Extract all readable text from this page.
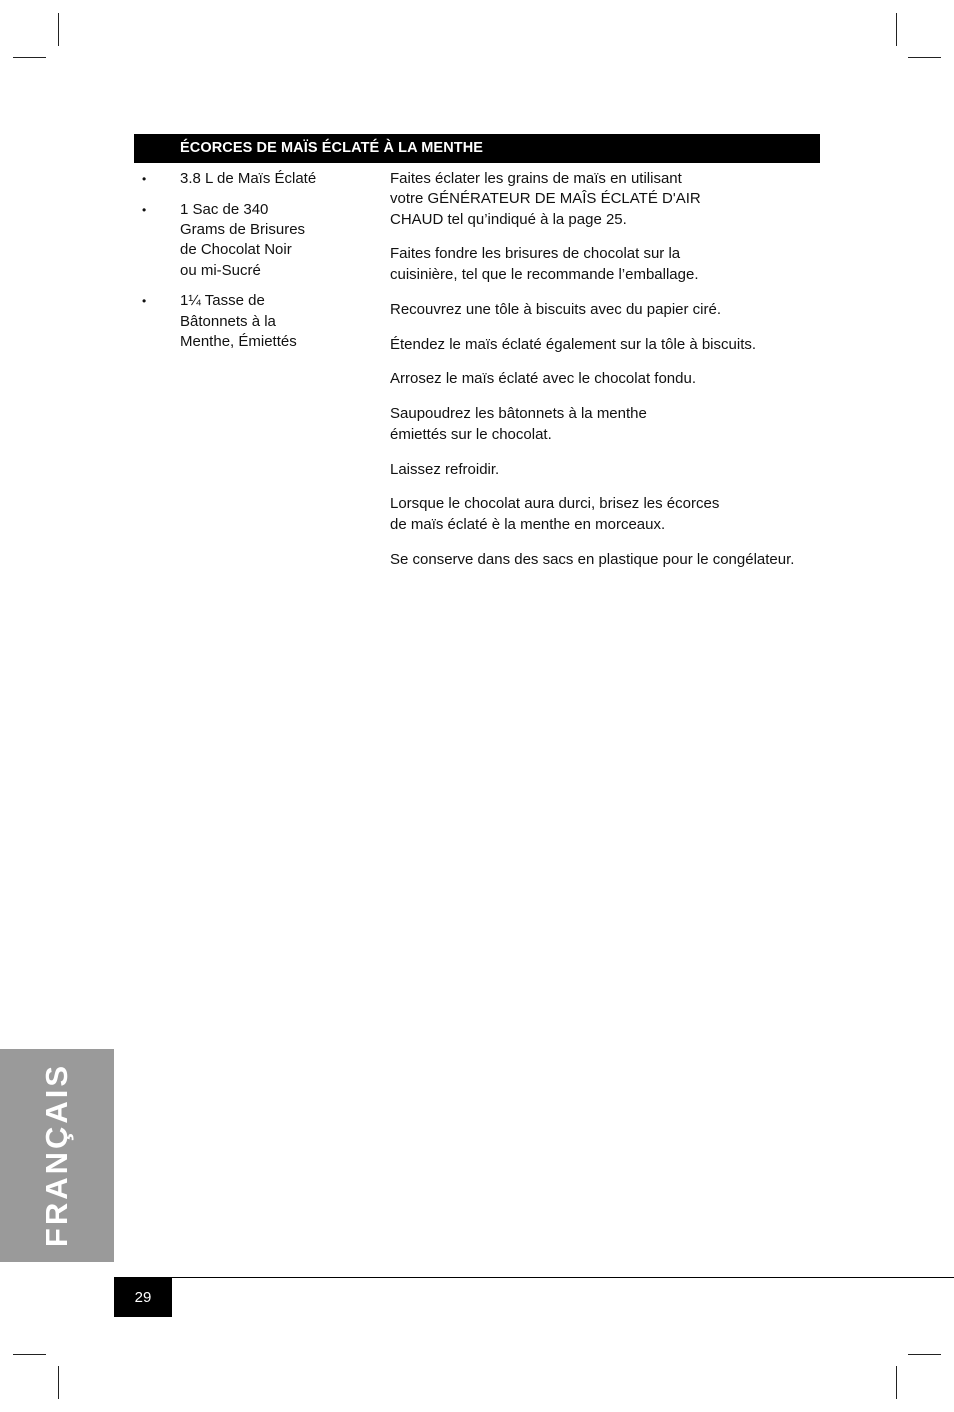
ÉCORCES DE MAÏS ÉCLATÉ À LA MENTHE
• 3.8 L de Maïs Éclaté
• 1 Sac de 340
Grams de Brisures
de Chocolat Noir
ou mi-Sucré
• 1¼ Tasse de
Bâtonnets à la
Menthe, Émiettés

Faites éclater les grains de maïs en utilisant
votre GÉNÉRATEUR DE MAÎS ÉCLATÉ D'AIR
CHAUD tel qu’indiqué à la page 25.

Faites fondre les brisures de chocolat sur la
cuisinière, tel que le recommande l’emballage.

Recouvrez une tôle à biscuits avec du papier ciré.

Étendez le maïs éclaté également sur la tôle à biscuits.

Arrosez le maïs éclaté avec le chocolat fondu.

Saupoudrez les bâtonnets à la menthe
émiettés sur le chocolat.

Laissez refroidir.

Lorsque le chocolat aura durci, brisez les écorces
de maïs éclaté è la menthe en morceaux.

Se conserve dans des sacs en plastique pour le congélateur.

FRANÇAIS
29
